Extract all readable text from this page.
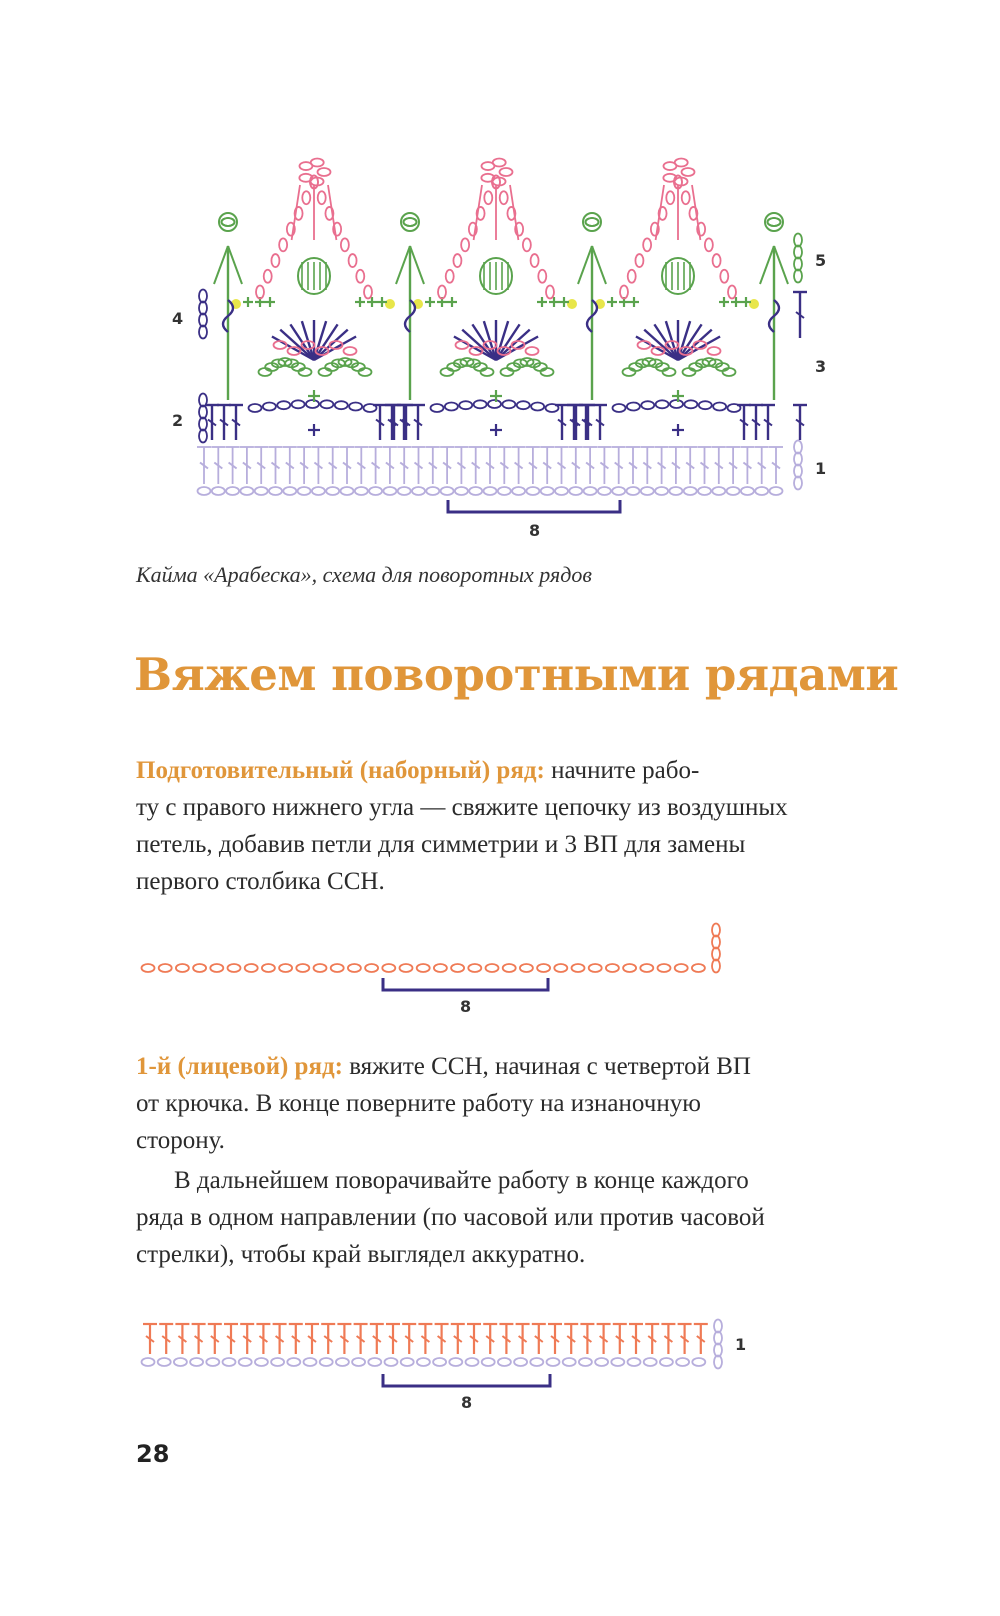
4
2
5
3
1
8
Кайма «Арабеска», схема для поворотных рядов
Вяжем поворотными рядами
Подготовительный (наборный) ряд: начните рабо-
ту с правого нижнего угла — свяжите цепочку из воздушных
петель, добавив петли для симметрии и 3 ВП для замены
первого столбика ССН.
8
1
8
1-й (лицевой) ряд: вяжите ССН, начиная с четвертой ВП
от крючка. В конце поверните работу на изнаночную
сторону.
В дальнейшем поворачивайте работу в конце каждого
ряда в одном направлении (по часовой или против часовой
стрелки), чтобы край выглядел аккуратно.
28
